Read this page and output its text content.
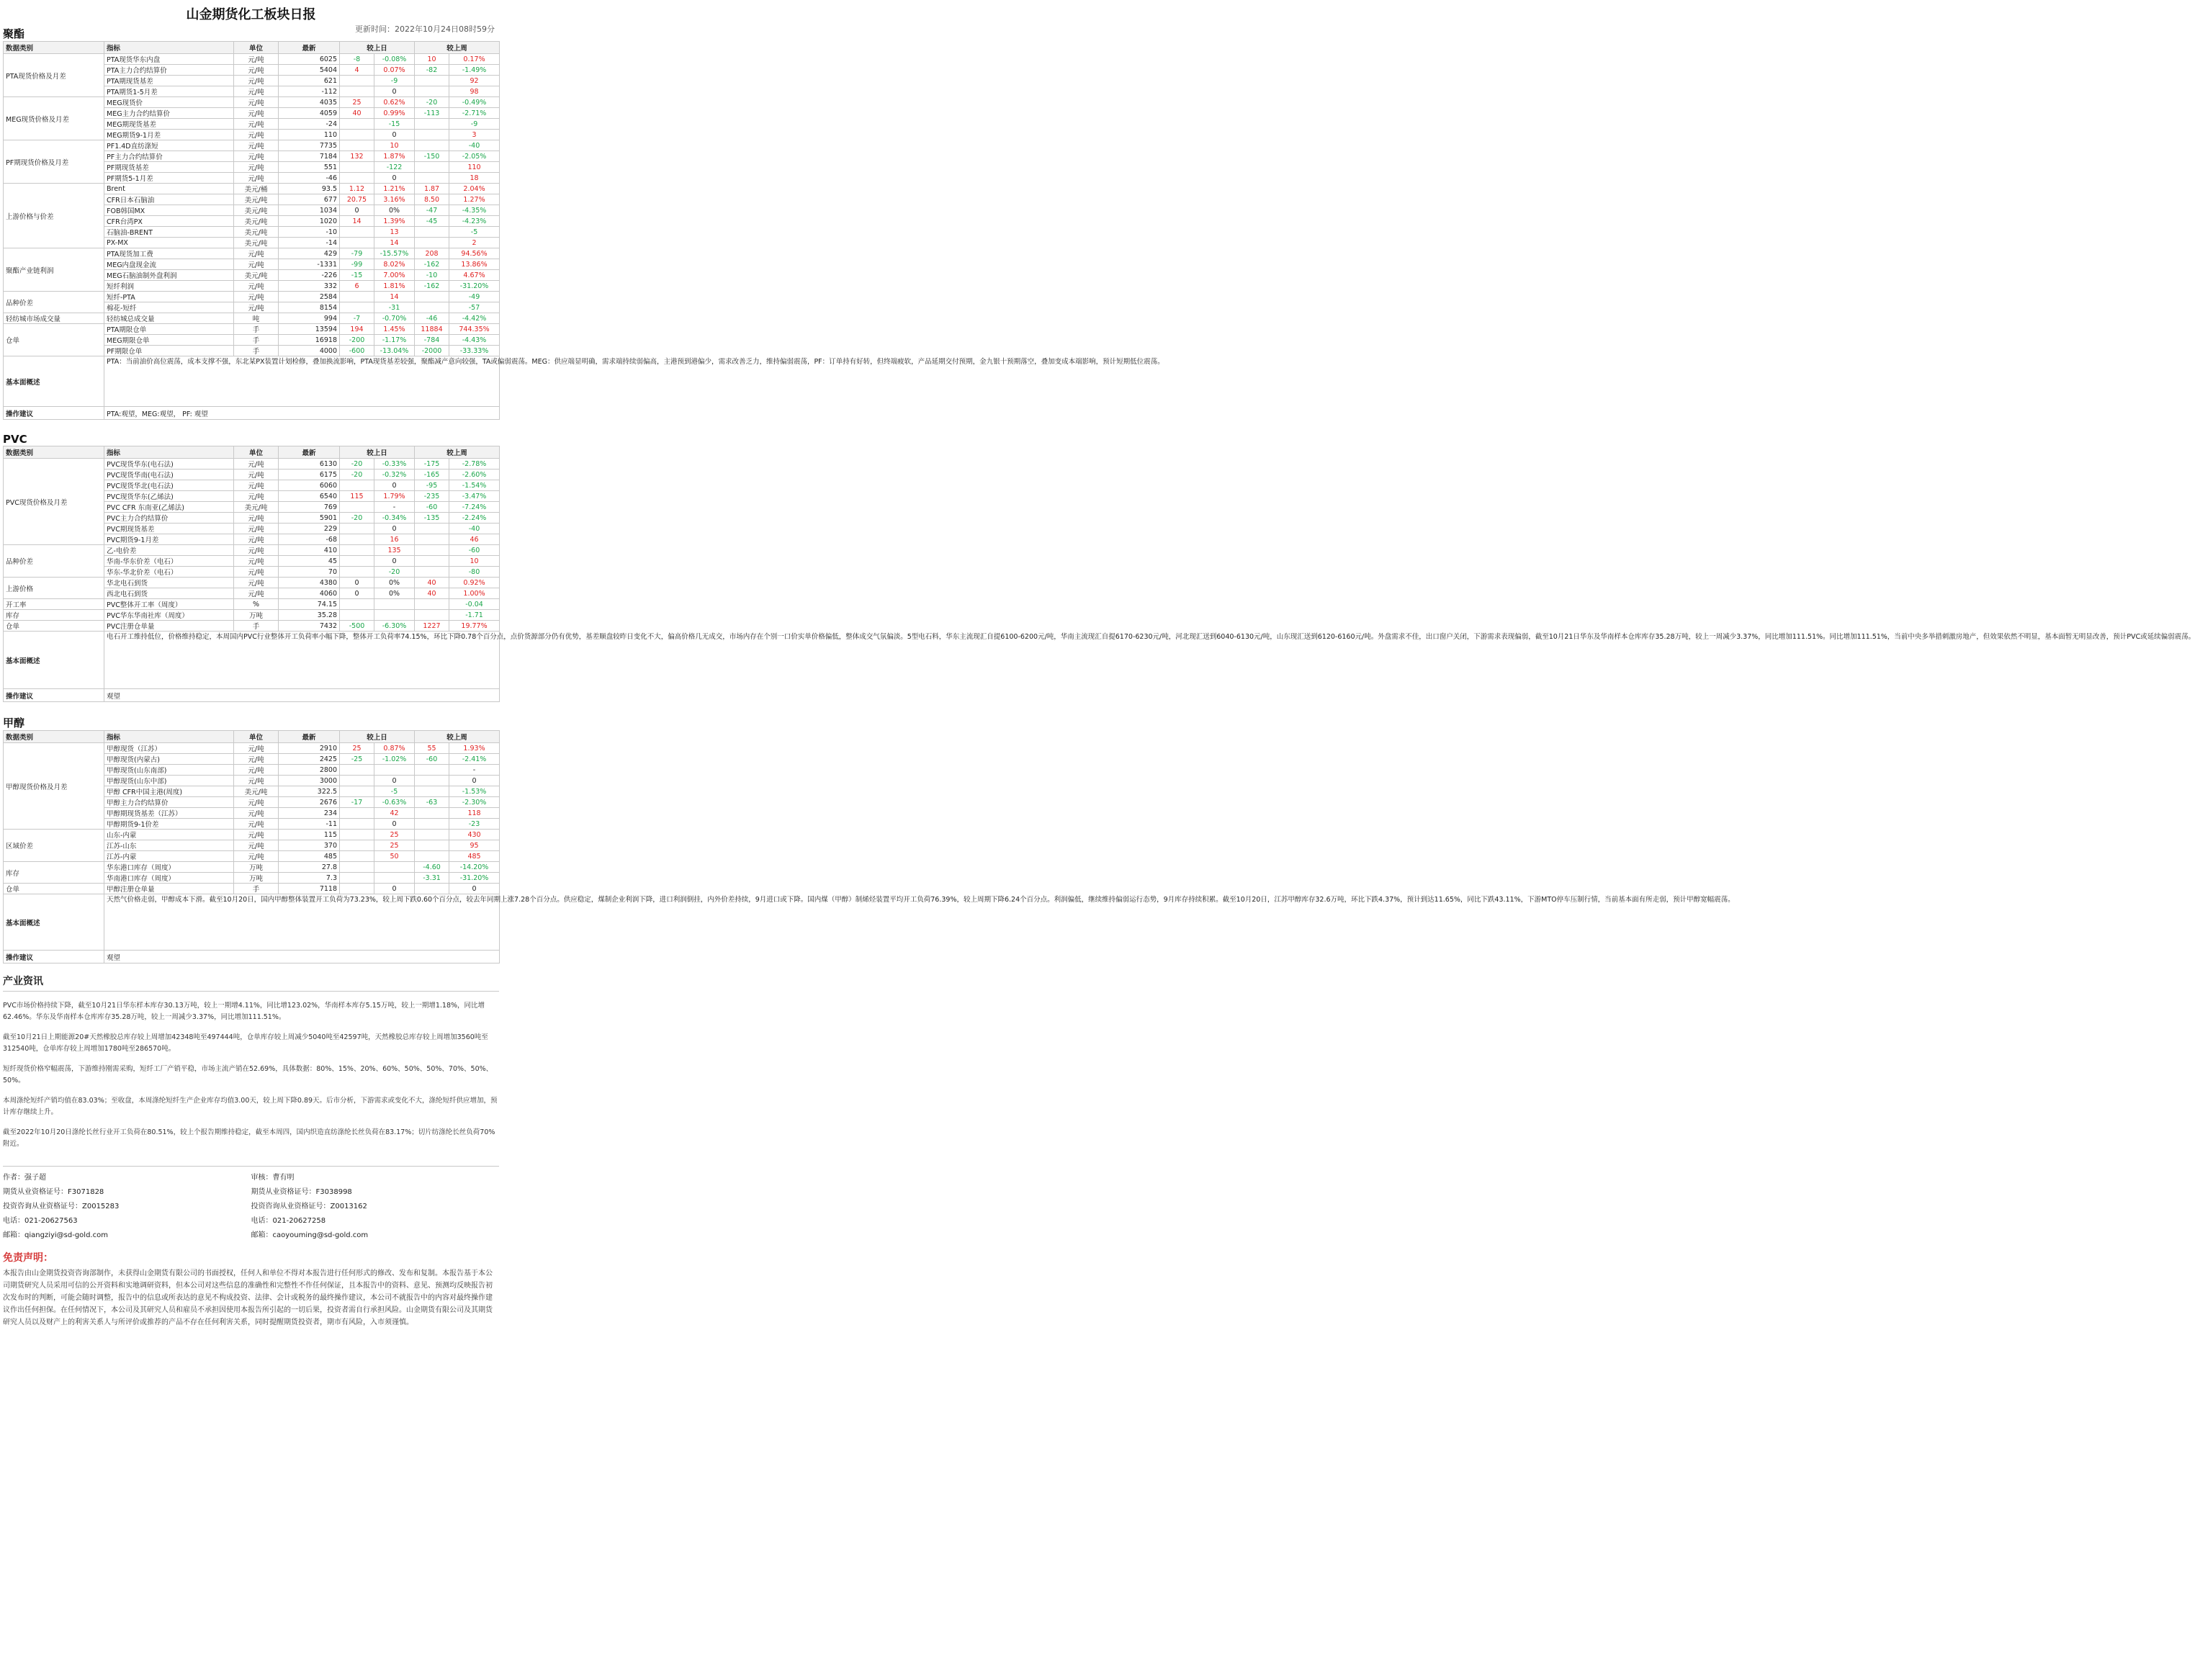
山金期货化工板块日报
更新时间：2022年10月24日08时59分
聚酯
数据类别	指标	单位	最新	较上日		较上周	
PTA现货价格及月差	PTA现货华东内盘	元/吨	6025	-8	-0.08%	10	0.17%
	PTA主力合约结算价	元/吨	5404	4	0.07%	-82	-1.49%
	PTA期现货基差	元/吨	621		-9		92
	PTA期货1-5月差	元/吨	-112		0		98
MEG现货价格及月差	MEG现货价	元/吨	4035	25	0.62%	-20	-0.49%
	MEG主力合约结算价	元/吨	4059	40	0.99%	-113	-2.71%
	MEG期现货基差	元/吨	-24		-15		-9
	MEG期货9-1月差	元/吨	110		0		3
PF期现货价格及月差	PF1.4D直纺涤短	元/吨	7735		10		-40
	PF主力合约结算价	元/吨	7184	132	1.87%	-150	-2.05%
	PF期现货基差	元/吨	551		-122		110
	PF期货5-1月差	元/吨	-46		0		18
上游价格与价差	Brent	美元/桶	93.5	1.12	1.21%	1.87	2.04%
	CFR日本石脑油	美元/吨	677	20.75	3.16%	8.50	1.27%
	FOB韩国MX	美元/吨	1034	0	0%	-47	-4.35%
	CFR台湾PX	美元/吨	1020	14	1.39%	-45	-4.23%
	石脑油-BRENT	美元/吨	-10		13		-5
	PX-MX	美元/吨	-14		14		2
聚酯产业链利润	PTA现货加工费	元/吨	429	-79	-15.57%	208	94.56%
	MEG内盘现金流	元/吨	-1331	-99	8.02%	-162	13.86%
	MEG石脑油制外盘利润	美元/吨	-226	-15	7.00%	-10	4.67%
	短纤利润	元/吨	332	6	1.81%	-162	-31.20%
品种价差	短纤-PTA	元/吨	2584		14		-49
	棉花-短纤	元/吨	8154		-31		-57
轻纺城市场成交量	轻纺城总成交量	吨	994	-7	-0.70%	-46	-4.42%
仓单	PTA期限仓单	手	13594	194	1.45%	11884	744.35%
	MEG期限仓单	手	16918	-200	-1.17%	-784	-4.43%
	PF期限仓单	手	4000	-600	-13.04%	-2000	-33.33%
基本面概述	PTA：当前油价高位震荡，成本支撑不强，东北某PX装置计划检修，叠加换流影响，PTA现货基差较强，聚酯减产意向较强，TA或偏弱震荡。MEG：供应端显明确，需求端持续弱偏高，主港预到港偏少，需求改善乏力，维持偏弱震荡，PF：订单持有好转，但终端疲软，产品延期交付预期，金九银十预期落空，叠加变成本端影响，预计短期低位震荡。						
操作建议	PTA:观望，MEG:观望， PF: 观望						
PVC
数据类别	指标	单位	最新	较上日		较上周	
PVC现货价格及月差	PVC现货华东(电石法)	元/吨	6130	-20	-0.33%	-175	-2.78%
	PVC现货华南(电石法)	元/吨	6175	-20	-0.32%	-165	-2.60%
	PVC现货华北(电石法)	元/吨	6060		0	-95	-1.54%
	PVC现货华东(乙烯法)	元/吨	6540	115	1.79%	-235	-3.47%
	PVC CFR 东南亚(乙烯法)	美元/吨	769		-	-60	-7.24%
	PVC主力合约结算价	元/吨	5901	-20	-0.34%	-135	-2.24%
	PVC期现货基差	元/吨	229		0		-40
	PVC期货9-1月差	元/吨	-68		16		46
品种价差	乙-电价差	元/吨	410		135		-60
	华南-华东价差（电石）	元/吨	45		0		10
	华东-华北价差（电石）	元/吨	70		-20		-80
上游价格	华北电石到货	元/吨	4380	0	0%	40	0.92%
	西北电石到货	元/吨	4060	0	0%	40	1.00%
开工率	PVC整体开工率（周度）	%	74.15				-0.04
库存	PVC华东华南社库（周度）	万吨	35.28				-1.71
仓单	PVC注册仓单量	手	7432	-500	-6.30%	1227	19.77%
基本面概述	电石开工维持低位，价格维持稳定，本周国内PVC行业整体开工负荷率小幅下降，整体开工负荷率74.15%，环比下降0.78个百分点，点价货源部分仍有优势，基差顺盘较昨日变化不大，偏高价格几无成交，市场内存在个别一口价实单价格偏低，整体成交气氛偏淡。5型电石料，华东主流现汇自提6100-6200元/吨，华南主流现汇自提6170-6230元/吨，河北现汇送到6040-6130元/吨，山东现汇送到6120-6160元/吨。外盘需求不佳，出口窗户关闭，下游需求表现偏弱，截至10月21日华东及华南样本仓库库存35.28万吨，较上一周减少3.37%，同比增加111.51%。同比增加111.51%，当前中央多举措刺激房地产，但效果依然不明显，基本面暂无明显改善，预计PVC或延续偏弱震荡。						
操作建议	观望						
甲醇
数据类别	指标	单位	最新	较上日		较上周	
甲醇现货价格及月差	甲醇现货（江苏）	元/吨	2910	25	0.87%	55	1.93%
	甲醇现货(内蒙古)	元/吨	2425	-25	-1.02%	-60	-2.41%
	甲醇现货(山东南部)	元/吨	2800				-
	甲醇现货(山东中部)	元/吨	3000		0		0
	甲醇 CFR中国主港(周度)	美元/吨	322.5		-5		-1.53%
	甲醇主力合约结算价	元/吨	2676	-17	-0.63%	-63	-2.30%
	甲醇期现货基差（江苏）	元/吨	234		42		118
	甲醇期货9-1价差	元/吨	-11		0		-23
区域价差	山东-内蒙	元/吨	115		25		430
	江苏-山东	元/吨	370		25		95
	江苏-内蒙	元/吨	485		50		485
库存	华东港口库存（周度）	万吨	27.8			-4.60	-14.20%
	华南港口库存（周度）	万吨	7.3			-3.31	-31.20%
仓单	甲醇注册仓单量	手	7118		0		0
基本面概述	天然气价格走弱，甲醇成本下滑。截至10月20日，国内甲醇整体装置开工负荷为73.23%，较上周下跌0.60个百分点，较去年同期上涨7.28个百分点。供应稳定，煤制企业利润下降，进口利润倒挂，内外价差持续，9月进口或下降。国内煤（甲醇）制烯烃装置平均开工负荷76.39%，较上周期下降6.24个百分点。利润偏低，继续维持偏弱运行态势，9月库存持续积累。截至10月20日，江苏甲醇库存32.6万吨，环比下跌4.37%，预计到达11.65%，同比下跌43.11%，下游MTO停车压制行情，当前基本面有所走弱，预计甲醇宽幅震荡。						
操作建议	观望						
产业资讯

PVC市场价格持续下降，截至10月21日华东样本库存30.13万吨，较上一期增4.11%，同比增123.02%，华南样本库存5.15万吨，较上一期增1.18%，同比增62.46%。华东及华南样本仓库库存35.28万吨，较上一周减少3.37%，同比增加111.51%。

截至10月21日上期能源20#天然橡胶总库存较上周增加42348吨至497444吨，仓单库存较上周减少5040吨至42597吨，天然橡胶总库存较上周增加3560吨至312540吨，仓单库存较上周增加1780吨至286570吨。

短纤现货价格窄幅震荡，下游维持刚需采购，短纤工厂产销平稳，市场主流产销在52.69%，具体数据：80%、15%、20%、60%、50%、50%、70%、50%、50%。

本周涤纶短纤产销均值在83.03%；至收盘，本周涤纶短纤生产企业库存均值3.00天，较上周下降0.89天。后市分析，下游需求或变化不大，涤纶短纤供应增加，预计库存继续上升。

截至2022年10月20日涤纶长丝行业开工负荷在80.51%，较上个报告期维持稳定，截至本周四，国内织造直纺涤纶长丝负荷在83.17%；切片纺涤纶长丝负荷70%附近。

作者：强子超
期货从业资格证号：F3071828
投资咨询从业资格证号：Z0015283
电话：021-20627563
邮箱：qiangziyi@sd-gold.com
审核：曹有明
期货从业资格证号：F3038998
投资咨询从业资格证号：Z0013162
电话：021-20627258
邮箱：caoyouming@sd-gold.com
免责声明：

本报告由山金期货投资咨询部制作，未获得山金期货有限公司的书面授权，任何人和单位不得对本报告进行任何形式的修改、发布和复制。本报告基于本公司期货研究人员采用可信的公开资料和实地调研资料，但本公司对这些信息的准确性和完整性不作任何保证，且本报告中的资料、意见、预测均反映报告初次发布时的判断，可能会随时调整，报告中的信息或所表达的意见不构成投资、法律、会计或税务的最终操作建议，本公司不就报告中的内容对最终操作建议作出任何担保。在任何情况下，本公司及其研究人员和雇员不承担因使用本报告所引起的一切后果，投资者需自行承担风险。山金期货有限公司及其期货研究人员以及财产上的利害关系人与所评价或推荐的产品不存在任何利害关系，同时提醒期货投资者，期市有风险，入市须谨慎。
